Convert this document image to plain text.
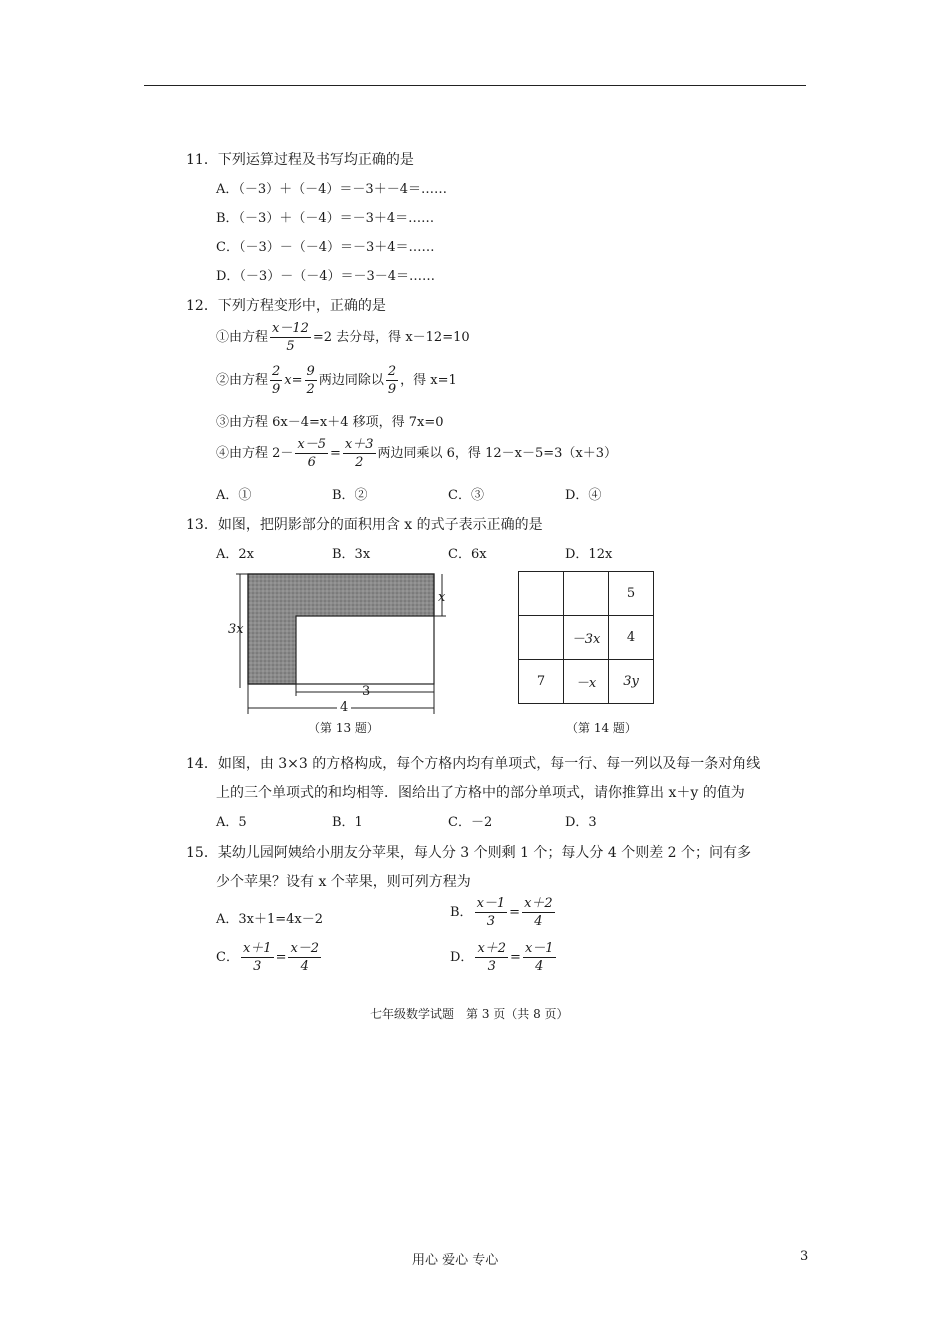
11．下列运算过程及书写均正确的是
A．（－3）＋（－4）＝－3＋－4＝……
B．（－3）＋（－4）＝－3＋4＝……
C．（－3）－（－4）＝－3＋4＝……
D．（－3）－（－4）＝－3－4＝……
12．下列方程变形中，正确的是
①由方程 $\frac{x-12}{5} =2$ 去分母，得 x－12=10
②由方程 $\frac{2}{9} x= \frac{9}{2}$ 两边同除以 $\frac{2}{9}$ ，得 x=1
③由方程 6x－4=x＋4 移项，得 7x=0
④由方程 $2- \frac{x-5}{6} = \frac{x+3}{2}$ 两边同乘以 6，得 12－x－5=3（x＋3）
A．①	B．②	C．③	D．④
13．如图，把阴影部分的面积用含 x 的式子表示正确的是
A．2x	B．3x	C．6x	D．12x
x
3x
3
4
（第 13 题）
		5
	－3x	4
7	－x	3y
（第 14 题）
14．如图，由 3×3 的方格构成，每个方格内均有单项式，每一行、每一列以及每一条对角线
上的三个单项式的和均相等．图给出了方格中的部分单项式，请你推算出 x＋y 的值为
A．5	B．1	C．－2	D．3
15．某幼儿园阿姨给小朋友分苹果，每人分 3 个则剩 1 个；每人分 4 个则差 2 个；问有多
少个苹果？设有 x 个苹果，则可列方程为
A．3x＋1=4x－2	B． $\frac{x-1}{3} = \frac{x+2}{4}$
C． $\frac{x+1}{3} = \frac{x-2}{4}$	D． $\frac{x+2}{3} = \frac{x-1}{4}$
七年级数学试题　第 3 页（共 8 页）
用心 爱心 专心	3
